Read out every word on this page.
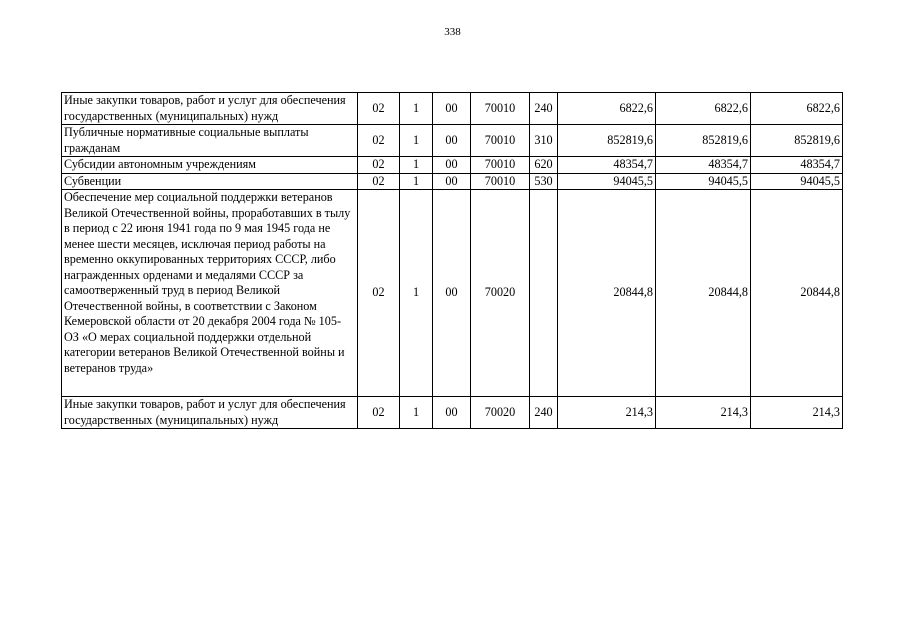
338
Иные закупки товаров, работ и услуг для обеспечения государственных (муниципальных) нужд	02	1	00	70010	240	6822,6	6822,6	6822,6
Публичные нормативные социальные выплаты гражданам	02	1	00	70010	310	852819,6	852819,6	852819,6
Субсидии автономным учреждениям	02	1	00	70010	620	48354,7	48354,7	48354,7
Субвенции	02	1	00	70010	530	94045,5	94045,5	94045,5
Обеспечение мер социальной поддержки ветеранов Великой Отечественной войны, проработавших в тылу в период с 22 июня 1941 года по 9 мая 1945 года не менее шести месяцев, исключая период работы на временно оккупированных территориях СССР, либо награжденных орденами и медалями СССР за самоотверженный труд в период Великой Отечественной войны, в соответствии с Законом Кемеровской области от 20 декабря 2004 года № 105-ОЗ «О мерах социальной поддержки отдельной категории ветеранов Великой Отечественной войны и ветеранов труда»	02	1	00	70020		20844,8	20844,8	20844,8
Иные закупки товаров, работ и услуг для обеспечения государственных (муниципальных) нужд	02	1	00	70020	240	214,3	214,3	214,3
